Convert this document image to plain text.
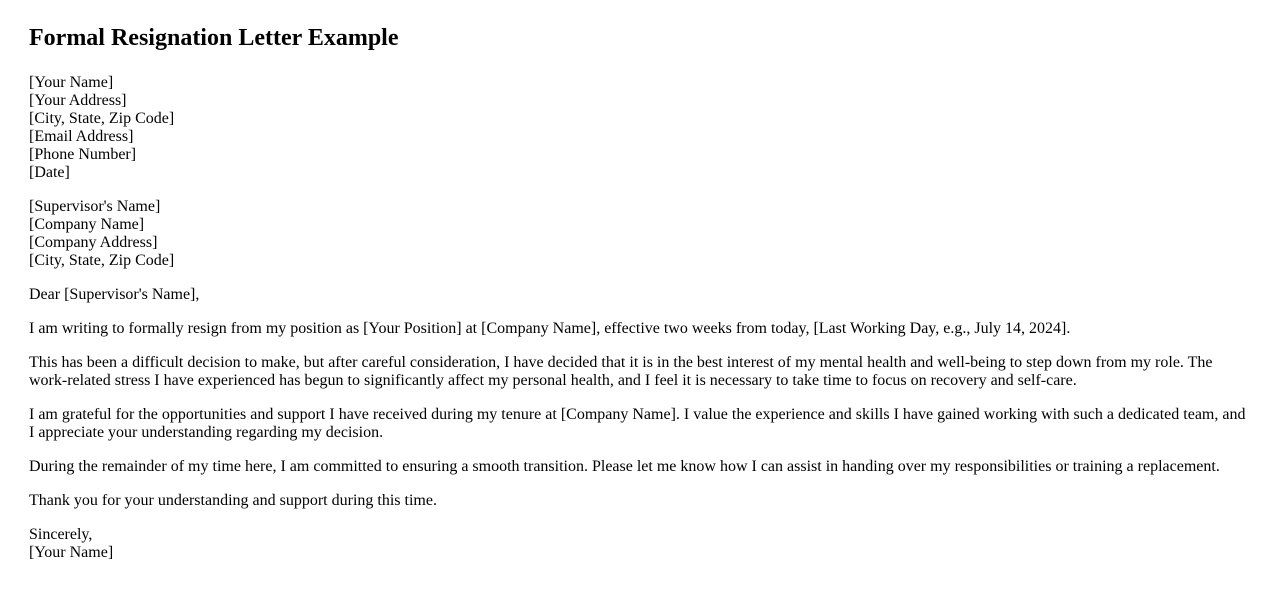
Formal Resignation Letter Example
[Your Name]
[Your Address]
[City, State, Zip Code]
[Email Address]
[Phone Number]
[Date]
[Supervisor's Name]
[Company Name]
[Company Address]
[City, State, Zip Code]

Dear [Supervisor's Name],

I am writing to formally resign from my position as [Your Position] at [Company Name], effective two weeks from today, [Last Working Day, e.g., July 14, 2024].

This has been a difficult decision to make, but after careful consideration, I have decided that it is in the best interest of my mental health and well-being to step down from my role. The work-related stress I have experienced has begun to significantly affect my personal health, and I feel it is necessary to take time to focus on recovery and self-care.

I am grateful for the opportunities and support I have received during my tenure at [Company Name]. I value the experience and skills I have gained working with such a dedicated team, and I appreciate your understanding regarding my decision.

During the remainder of my time here, I am committed to ensuring a smooth transition. Please let me know how I can assist in handing over my responsibilities or training a replacement.

Thank you for your understanding and support during this time.

Sincerely,
[Your Name]
